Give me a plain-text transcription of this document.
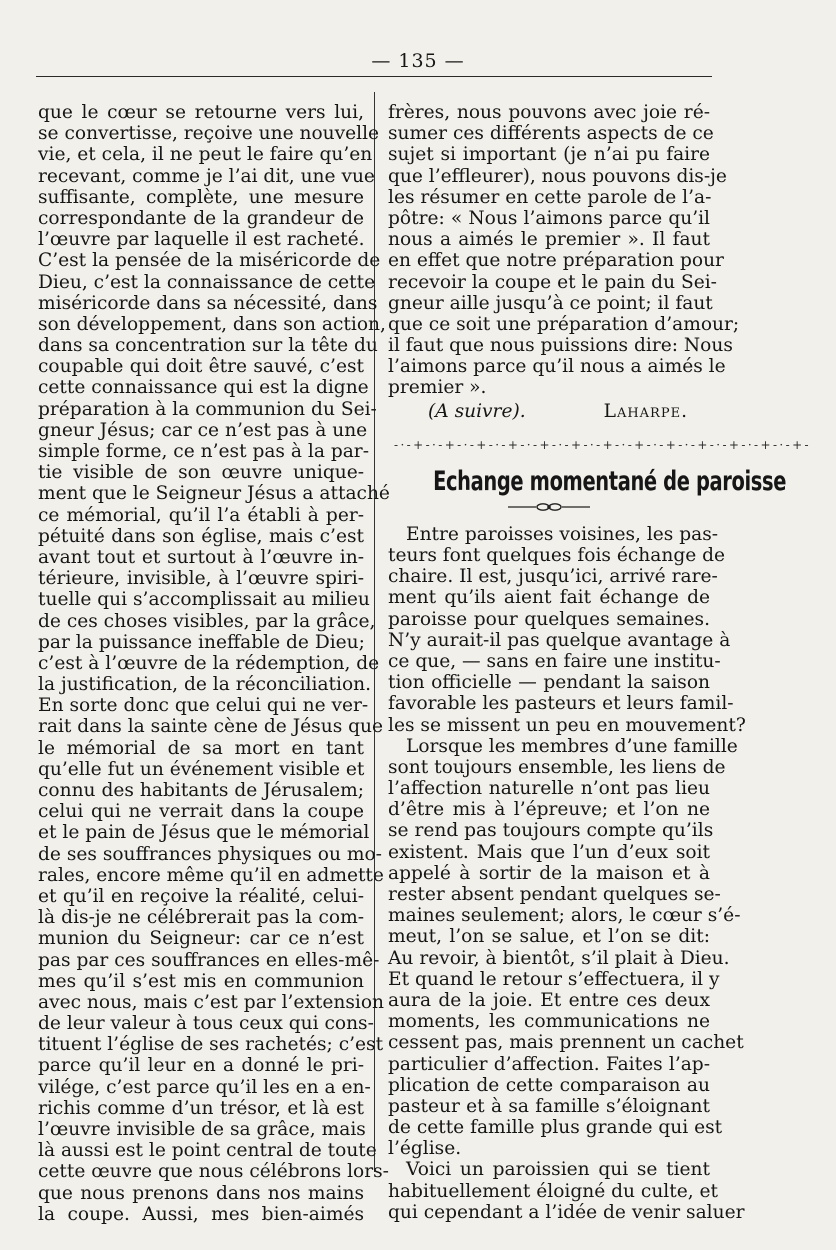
— 135 —
que le cœur se retourne vers lui,
se convertisse, reçoive une nouvelle
vie, et cela, il ne peut le faire qu’en
recevant, comme je l’ai dit, une vue
suffisante, complète, une mesure
correspondante de la grandeur de
l’œuvre par laquelle il est racheté.
C’est la pensée de la miséricorde de
Dieu, c’est la connaissance de cette
miséricorde dans sa nécessité, dans
son développement, dans son action,
dans sa concentration sur la tête du
coupable qui doit être sauvé, c’est
cette connaissance qui est la digne
préparation à la communion du Sei-
gneur Jésus; car ce n’est pas à une
simple forme, ce n’est pas à la par-
tie visible de son œuvre unique-
ment que le Seigneur Jésus a attaché
ce mémorial, qu’il l’a établi à per-
pétuité dans son église, mais c’est
avant tout et surtout à l’œuvre in-
térieure, invisible, à l’œuvre spiri-
tuelle qui s’accomplissait au milieu
de ces choses visibles, par la grâce,
par la puissance ineffable de Dieu;
c’est à l’œuvre de la rédemption, de
la justification, de la réconciliation.
En sorte donc que celui qui ne ver-
rait dans la sainte cène de Jésus que
le mémorial de sa mort en tant
qu’elle fut un événement visible et
connu des habitants de Jérusalem;
celui qui ne verrait dans la coupe
et le pain de Jésus que le mémorial
de ses souffrances physiques ou mo-
rales, encore même qu’il en admette
et qu’il en reçoive la réalité, celui-
là dis-je ne célébrerait pas la com-
munion du Seigneur: car ce n’est
pas par ces souffrances en elles-mê-
mes qu’il s’est mis en communion
avec nous, mais c’est par l’extension
de leur valeur à tous ceux qui cons-
tituent l’église de ses rachetés; c’est
parce qu’il leur en a donné le pri-
vilége, c’est parce qu’il les en a en-
richis comme d’un trésor, et là est
l’œuvre invisible de sa grâce, mais
là aussi est le point central de toute
cette œuvre que nous célébrons lors-
que nous prenons dans nos mains
la coupe. Aussi, mes bien-aimés
frères, nous pouvons avec joie ré-
sumer ces différents aspects de ce
sujet si important (je n’ai pu faire
que l’effleurer), nous pouvons dis-je
les résumer en cette parole de l’a-
pôtre: « Nous l’aimons parce qu’il
nous a aimés le premier ». Il faut
en effet que notre préparation pour
recevoir la coupe et le pain du Sei-
gneur aille jusqu’à ce point; il faut
que ce soit une préparation d’amour;
il faut que nous puissions dire: Nous
l’aimons parce qu’il nous a aimés le
premier ».
(A suivre).	Laharpe.
-·-+-·-+-·-+-·-+-·-+-·-+-·-+-·-+-·-+-·-+-·-+-·-+-·-+-
Echange momentané de paroisse
Entre paroisses voisines, les pas-
teurs font quelques fois échange de
chaire. Il est, jusqu’ici, arrivé rare-
ment qu’ils aient fait échange de
paroisse pour quelques semaines.
N’y aurait-il pas quelque avantage à
ce que, — sans en faire une institu-
tion officielle — pendant la saison
favorable les pasteurs et leurs famil-
les se missent un peu en mouvement?
Lorsque les membres d’une famille
sont toujours ensemble, les liens de
l’affection naturelle n’ont pas lieu
d’être mis à l’épreuve; et l’on ne
se rend pas toujours compte qu’ils
existent. Mais que l’un d’eux soit
appelé à sortir de la maison et à
rester absent pendant quelques se-
maines seulement; alors, le cœur s’é-
meut, l’on se salue, et l’on se dit:
Au revoir, à bientôt, s’il plait à Dieu.
Et quand le retour s’effectuera, il y
aura de la joie. Et entre ces deux
moments, les communications ne
cessent pas, mais prennent un cachet
particulier d’affection. Faites l’ap-
plication de cette comparaison au
pasteur et à sa famille s’éloignant
de cette famille plus grande qui est
l’église.
Voici un paroissien qui se tient
habituellement éloigné du culte, et
qui cependant a l’idée de venir saluer
